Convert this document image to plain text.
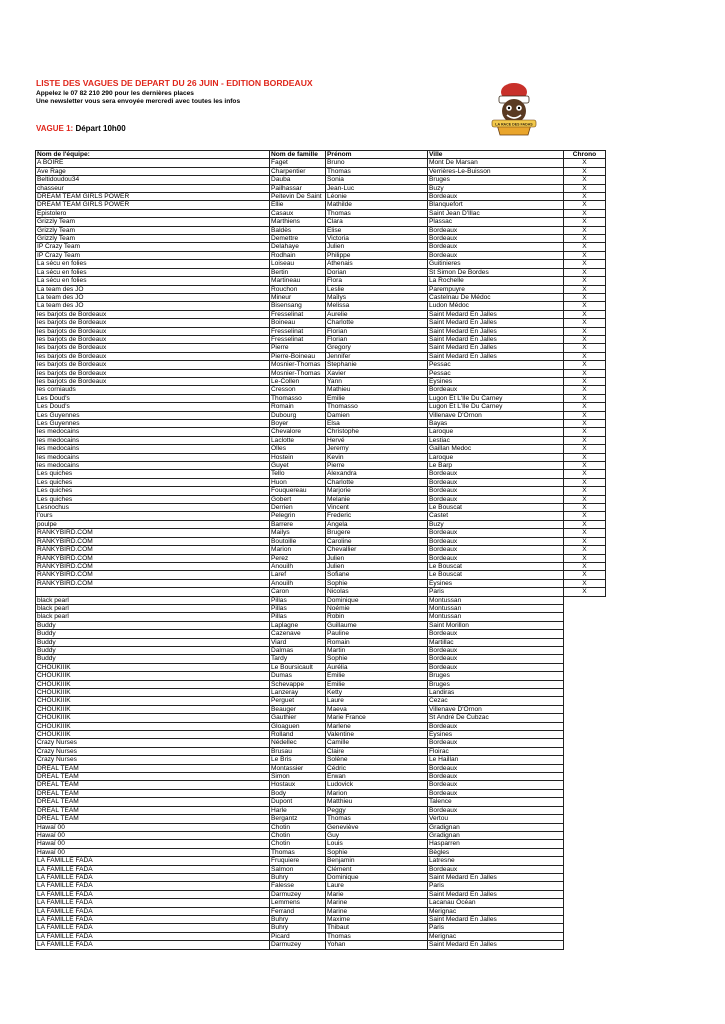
LISTE DES VAGUES DE DEPART DU 26 JUIN - EDITION BORDEAUX
Appelez le 07 82 210 290 pour les dernières places
Une newsletter vous sera envoyée mercredi avec toutes les infos
VAGUE 1: Départ 10h00	LA RACE DES FADAS
Nom de l'équipe:	Nom de famille	Prénom	Ville	Chrono
A BOIRE	Faget	Bruno	Mont De Marsan	X
Ave Rage	Charpentier	Thomas	Verrières-Le-Buisson	X
Beltidoudou34	Dauba	Sonia	Bruges	X
chasseur	Pailhassar	Jean-Luc	Buzy	X
DREAM TEAM GIRLS POWER	Peitevin De Saint	Léonie	Bordeaux	X
DREAM TEAM GIRLS POWER	Ellie	Mathilde	Blanquefort	X
Epistolero	Casaux	Thomas	Saint Jean D'Illac	X
Grizzly Team	Marthiens	Clara	Plassac	X
Grizzly Team	Baldès	Elise	Bordeaux	X
Grizzly Team	Demettre	Victoria	Bordeaux	X
IP Crazy Team	Delahaye	Julien	Bordeaux	X
IP Crazy Team	Rodhain	Philippe	Bordeaux	X
La sécu en folies	Loiseau	Athenais	Guitinieres	X
La sécu en folies	Bertin	Dorian	St Simon De Bordes	X
La sécu en folies	Martineau	Flora	La Rochelle	X
La team des JO	Rouchon	Leslie	Parempuyre	X
La team des JO	Mineur	Maïlys	Castelnau De Médoc	X
La team des JO	Bisensang	Melissa	Ludon Médoc	X
les barjots de Bordeaux	Fresselinat	Aurelie	Saint Medard En Jalles	X
les barjots de Bordeaux	Boineau	Charlotte	Saint Medard En Jalles	X
les barjots de Bordeaux	Fresselinat	Florian	Saint Medard En Jalles	X
les barjots de Bordeaux	Fresselinat	Florian	Saint Medard En Jalles	X
les barjots de Bordeaux	Pierre	Gregory	Saint Medard En Jalles	X
les barjots de Bordeaux	Pierre-Boineau	Jennifer	Saint Medard En Jalles	X
les barjots de Bordeaux	Mosnier-Thomas	Stephanie	Pessac	X
les barjots de Bordeaux	Mosnier-Thomas	Xavier	Pessac	X
les barjots de Bordeaux	Le-Collen	Yann	Eysines	X
les corniauds	Cresson	Mathieu	Bordeaux	X
Les Doud's	Thomasso	Emilie	Lugon Et L'Ile Du Carney	X
Les Doud's	Romain	Thomasso	Lugon Et L'Ile Du Carney	X
Les Guyennes	Dubourg	Damien	Villenave D'Ornon	X
Les Guyennes	Boyer	Elsa	Bayas	X
les medocains	Chevalore	Christophe	Laroque	X
les medocains	Laclotte	Hervé	Lestiac	X
les medocains	Olles	Jeremy	Gaillan Medoc	X
les medocains	Hostein	Kevin	Laroque	X
les medocains	Guyet	Pierre	Le Barp	X
Les quiches	Tello	Alexandra	Bordeaux	X
Les quiches	Huon	Charlotte	Bordeaux	X
Les quiches	Fouquereau	Marjorie	Bordeaux	X
Les quiches	Gobert	Melanie	Bordeaux	X
Lesnochus	Derrien	Vincent	Le Bouscat	X
l'ours	Pelegrin	Frederic	Castet	X
poulpe	Barrere	Angela	Buzy	X
RANKYBIRD.COM	Mailys	Brugere	Bordeaux	X
RANKYBIRD.COM	Boutoille	Caroline	Bordeaux	X
RANKYBIRD.COM	Marion	Chevallier	Bordeaux	X
RANKYBIRD.COM	Perez	Julien	Bordeaux	X
RANKYBIRD.COM	Anouilh	Julien	Le Bouscat	X
RANKYBIRD.COM	Laref	Sofiane	Le Bouscat	X
RANKYBIRD.COM	Anouilh	Sophie	Eysines	X
	Caron	Nicolas	Paris	X
black pearl	Pillas	Dominique	Montussan	
black pearl	Pillas	Noémie	Montussan	
black pearl	Pillas	Robin	Montussan	
Buddy	Laplagne	Guillaume	Saint Morillon	
Buddy	Cazenave	Pauline	Bordeaux	
Buddy	Viard	Romain	Martillac	
Buddy	Dalmas	Martin	Bordeaux	
Buddy	Tardy	Sophie	Bordeaux	
CHOUKIIIK	Le Boursicault	Aurélia	Bordeaux	
CHOUKIIIK	Dumas	Emilie	Bruges	
CHOUKIIIK	Schevappe	Emilie	Bruges	
CHOUKIIIK	Lanzeray	Ketty	Landiras	
CHOUKIIIK	Perguet	Laure	Cezac	
CHOUKIIIK	Beauger	Maeva	Villenave D'Ornon	
CHOUKIIIK	Gauthier	Marie France	St André De Cubzac	
CHOUKIIIK	Gloaguen	Marlene	Bordeaux	
CHOUKIIIK	Rolland	Valentine	Eysines	
Crazy Nurses	Nédellec	Camille	Bordeaux	
Crazy Nurses	Brusau	Claire	Floirac	
Crazy Nurses	Le Bris	Solène	Le Haillan	
DREAL TEAM	Montassier	Cédric	Bordeaux	
DREAL TEAM	Simon	Erwan	Bordeaux	
DREAL TEAM	Hostaux	Ludovick	Bordeaux	
DREAL TEAM	Body	Marion	Bordeaux	
DREAL TEAM	Dupont	Matthieu	Talence	
DREAL TEAM	Harle	Peggy	Bordeaux	
DREAL TEAM	Bergantz	Thomas	Vertou	
Hawaï 00	Chotin	Geneviève	Gradignan	
Hawaï 00	Chotin	Guy	Gradignan	
Hawaï 00	Chotin	Louis	Hasparren	
Hawaï 00	Thomas	Sophie	Bègles	
LA FAMILLE FADA	Fruquiere	Benjamin	Latresne	
LA FAMILLE FADA	Salmon	Clément	Bordeaux	
LA FAMILLE FADA	Buhry	Dominique	Saint Medard En Jalles	
LA FAMILLE FADA	Falesse	Laure	Paris	
LA FAMILLE FADA	Darmuzey	Marie	Saint Medard En Jalles	
LA FAMILLE FADA	Lemmens	Marine	Lacanau Océan	
LA FAMILLE FADA	Ferrand	Marine	Merignac	
LA FAMILLE FADA	Buhry	Maxime	Saint Medard En Jalles	
LA FAMILLE FADA	Buhry	Thibaut	Paris	
LA FAMILLE FADA	Picard	Thomas	Merignac	
LA FAMILLE FADA	Darmuzey	Yohan	Saint Medard En Jalles	
